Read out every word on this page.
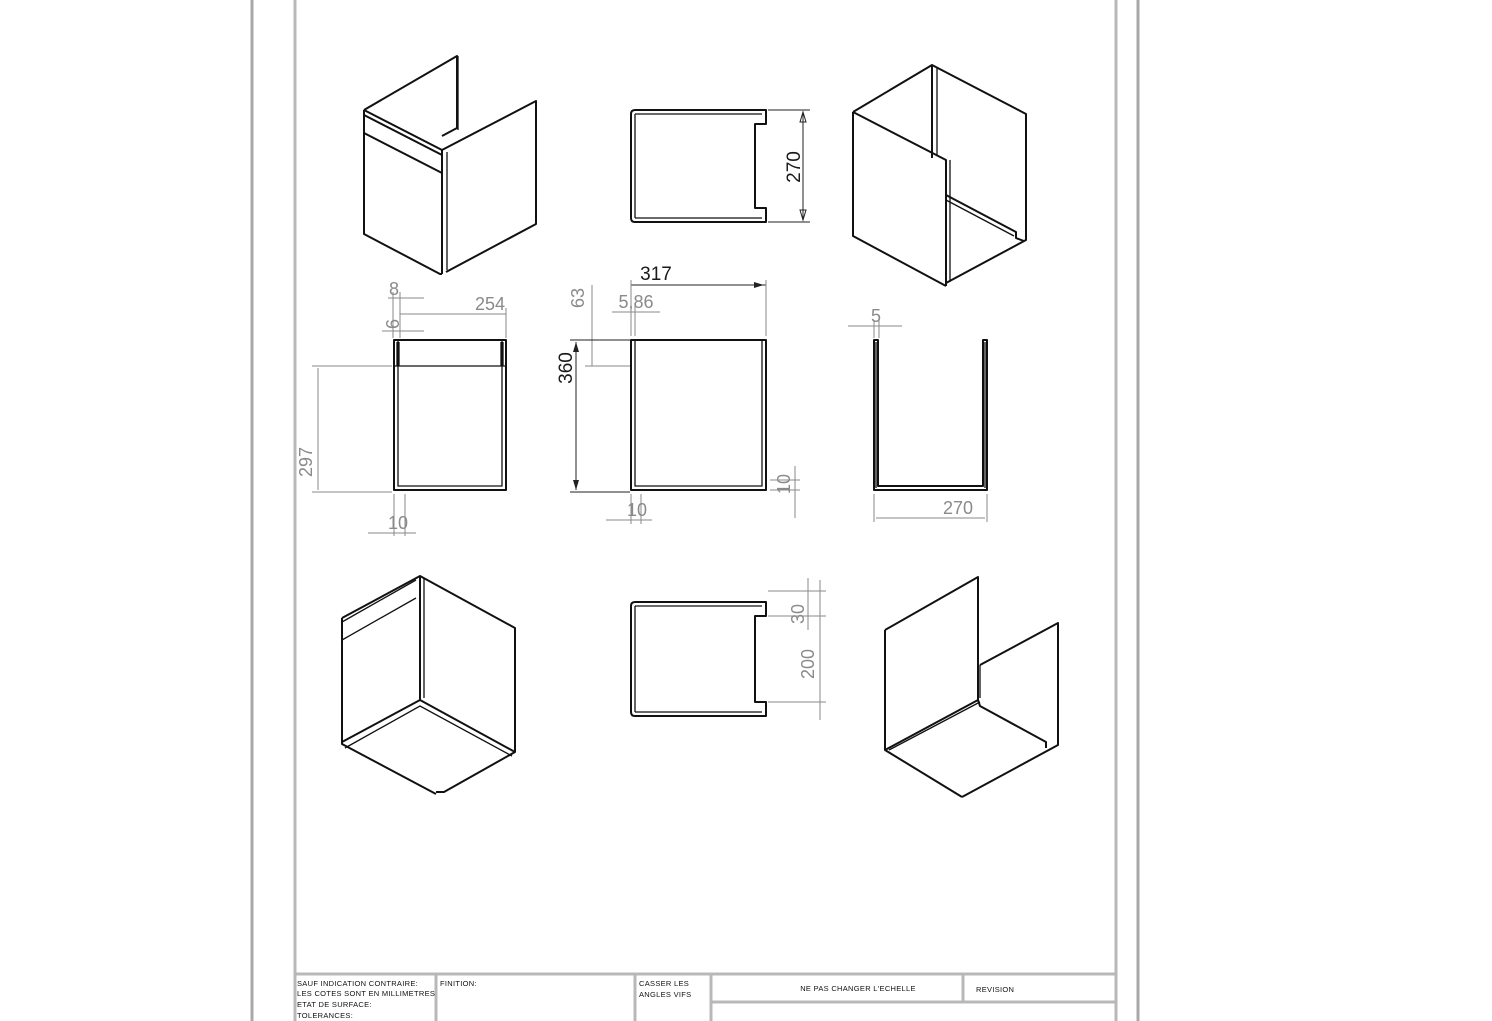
270
8
254
6
297
10
317
5,86
63
360
10
10
5
270
30
200
SAUF INDICATION CONTRAIRE:
LES COTES SONT EN MILLIMETRES
ETAT DE SURFACE:
TOLERANCES:
FINITION:	CASSER LES
ANGLES VIFS
NE PAS CHANGER L'ECHELLE	REVISION
